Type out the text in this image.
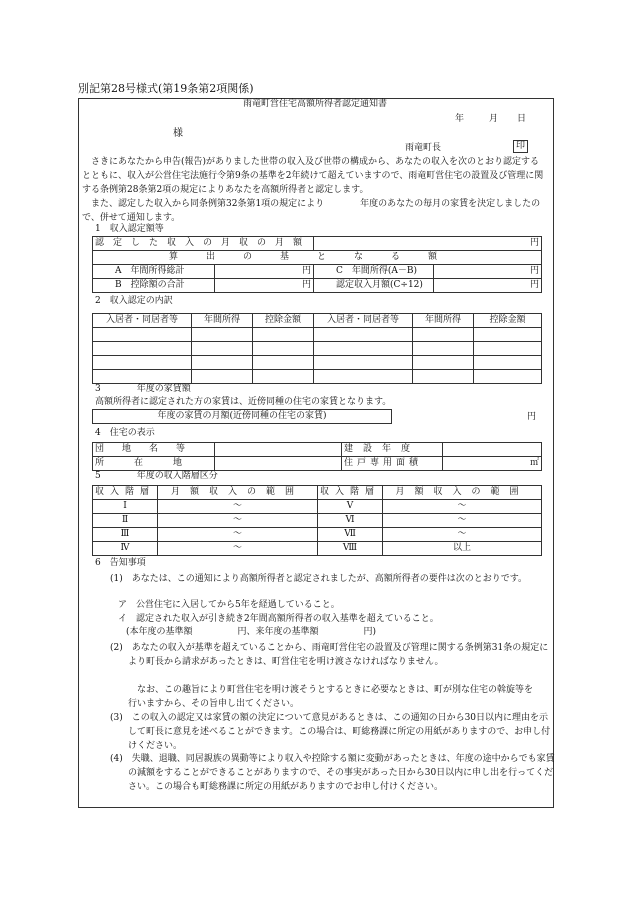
別記第28号様式(第19条第2項関係)
雨竜町営住宅高額所得者認定通知書
年	月 日
様
雨竜町長	印
さきにあなたから申告(報告)がありました世帯の収入及び世帯の構成から、あなたの収入を次のとおり認定するとともに、収入が公営住宅法施行令第9条の基準を2年続けて超えていますので、雨竜町営住宅の設置及び管理に関する条例第28条第2項の規定によりあなたを高額所得者と認定します。
また、認定した収入から同条例第32条第1項の規定により　　　　年度のあなたの毎月の家賃を決定しましたので、併せて通知します。
1　収入認定額等
認定した収入の月収の月額		円	
算出の基となる額			
A　年間所得総計	円	C　年間所得(A－B)	円
B　控除額の合計	円	認定収入月額(C÷12)	円
2　収入認定の内訳
入居者・同居者等	年間所得	控除金額	入居者・同居者等	年間所得	控除金額

3　　　　年度の家賃額
高額所得者に認定された方の家賃は、近傍同種の住宅の家賃となります。
年度の家賃の月額(近傍同種の住宅の家賃)	円
4　住宅の表示
団地名等		建設年度	
所在地		住戸専用面積	㎡
5　　　　年度の収入階層区分
収入階層	月額収入の範囲	収入階層	月額収入の範囲
Ⅰ	～	Ⅴ	～
Ⅱ	～	Ⅵ	～
Ⅲ	～	Ⅶ	～
Ⅳ	～	Ⅷ	以上
6　告知事項
(1)　あなたは、この通知により高額所得者と認定されましたが、高額所得者の要件は次のとおりです。
ア　公営住宅に入居してから5年を経過していること。
イ　認定された収入が引き続き2年間高額所得者の収入基準を超えていること。
(本年度の基準額　　　　　円、来年度の基準額　　　　　円)
(2)　あなたの収入が基準を超えていることから、雨竜町営住宅の設置及び管理に関する条例第31条の規定により町長から請求があったときは、町営住宅を明け渡さなければなりません。
なお、この趣旨により町営住宅を明け渡そうとするときに必要なときは、町が別な住宅の斡旋等を行いますから、その旨申し出てください。
(3)　この収入の認定又は家賃の額の決定について意見があるときは、この通知の日から30日以内に理由を示して町長に意見を述べることができます。この場合は、町総務課に所定の用紙がありますので、お申し付けください。
(4)　失職、退職、同居親族の異動等により収入や控除する額に変動があったときは、年度の途中からでも家賃の減額をすることができることがありますので、その事実があった日から30日以内に申し出を行ってください。この場合も町総務課に所定の用紙がありますのでお申し付けください。
